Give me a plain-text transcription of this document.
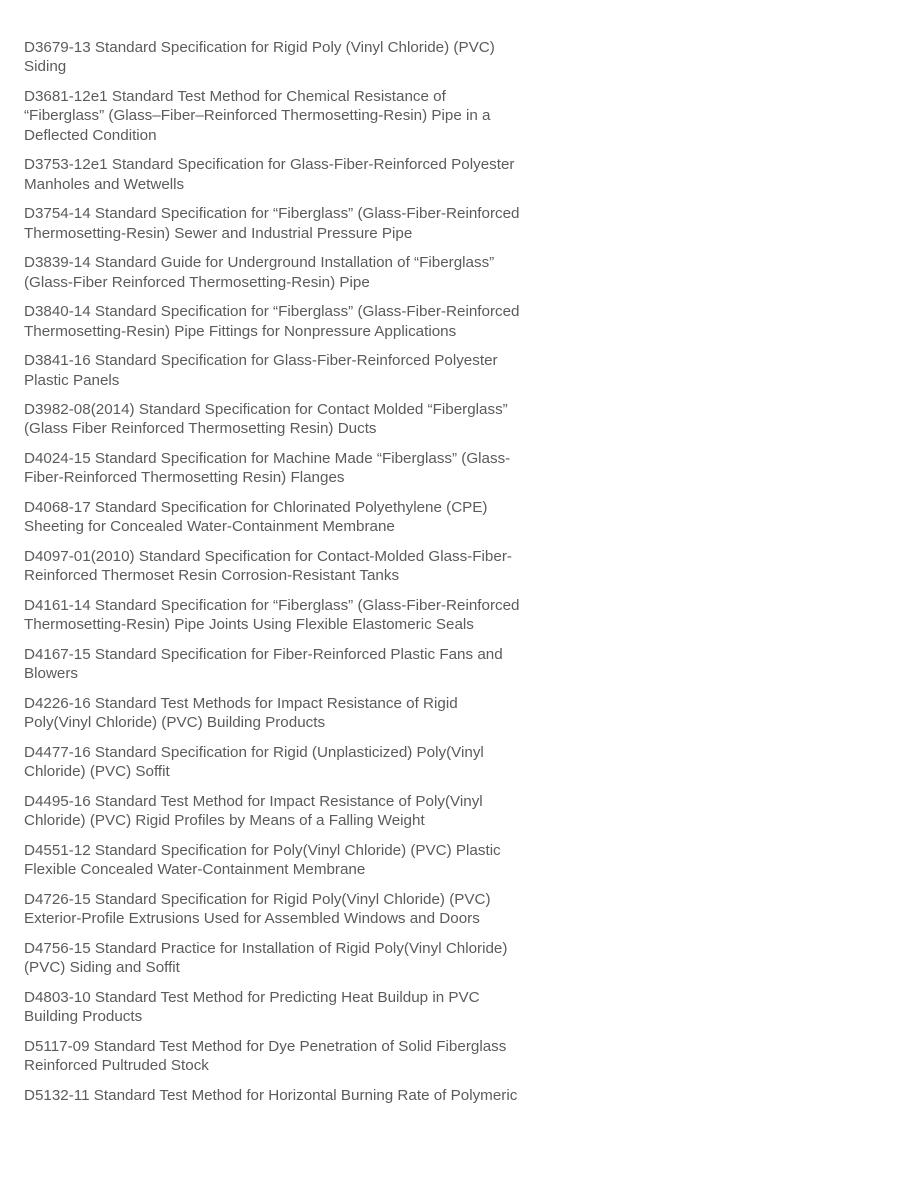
D3679-13 Standard Specification for Rigid Poly (Vinyl Chloride) (PVC)
Siding

D3681-12e1 Standard Test Method for Chemical Resistance of
“Fiberglass” (Glass–Fiber–Reinforced Thermosetting-Resin) Pipe in a
Deflected Condition

D3753-12e1 Standard Specification for Glass-Fiber-Reinforced Polyester
Manholes and Wetwells

D3754-14 Standard Specification for “Fiberglass” (Glass-Fiber-Reinforced
Thermosetting-Resin) Sewer and Industrial Pressure Pipe

D3839-14 Standard Guide for Underground Installation of “Fiberglass”
(Glass-Fiber Reinforced Thermosetting-Resin) Pipe

D3840-14 Standard Specification for “Fiberglass” (Glass-Fiber-Reinforced
Thermosetting-Resin) Pipe Fittings for Nonpressure Applications

D3841-16 Standard Specification for Glass-Fiber-Reinforced Polyester
Plastic Panels

D3982-08(2014) Standard Specification for Contact Molded “Fiberglass”
(Glass Fiber Reinforced Thermosetting Resin) Ducts

D4024-15 Standard Specification for Machine Made “Fiberglass” (Glass-
Fiber-Reinforced Thermosetting Resin) Flanges

D4068-17 Standard Specification for Chlorinated Polyethylene (CPE)
Sheeting for Concealed Water-Containment Membrane

D4097-01(2010) Standard Specification for Contact-Molded Glass-Fiber-
Reinforced Thermoset Resin Corrosion-Resistant Tanks

D4161-14 Standard Specification for “Fiberglass” (Glass-Fiber-Reinforced
Thermosetting-Resin) Pipe Joints Using Flexible Elastomeric Seals

D4167-15 Standard Specification for Fiber-Reinforced Plastic Fans and
Blowers

D4226-16 Standard Test Methods for Impact Resistance of Rigid
Poly(Vinyl Chloride) (PVC) Building Products

D4477-16 Standard Specification for Rigid (Unplasticized) Poly(Vinyl
Chloride) (PVC) Soffit

D4495-16 Standard Test Method for Impact Resistance of Poly(Vinyl
Chloride) (PVC) Rigid Profiles by Means of a Falling Weight

D4551-12 Standard Specification for Poly(Vinyl Chloride) (PVC) Plastic
Flexible Concealed Water-Containment Membrane

D4726-15 Standard Specification for Rigid Poly(Vinyl Chloride) (PVC)
Exterior-Profile Extrusions Used for Assembled Windows and Doors

D4756-15 Standard Practice for Installation of Rigid Poly(Vinyl Chloride)
(PVC) Siding and Soffit

D4803-10 Standard Test Method for Predicting Heat Buildup in PVC
Building Products

D5117-09 Standard Test Method for Dye Penetration of Solid Fiberglass
Reinforced Pultruded Stock

D5132-11 Standard Test Method for Horizontal Burning Rate of Polymeric
